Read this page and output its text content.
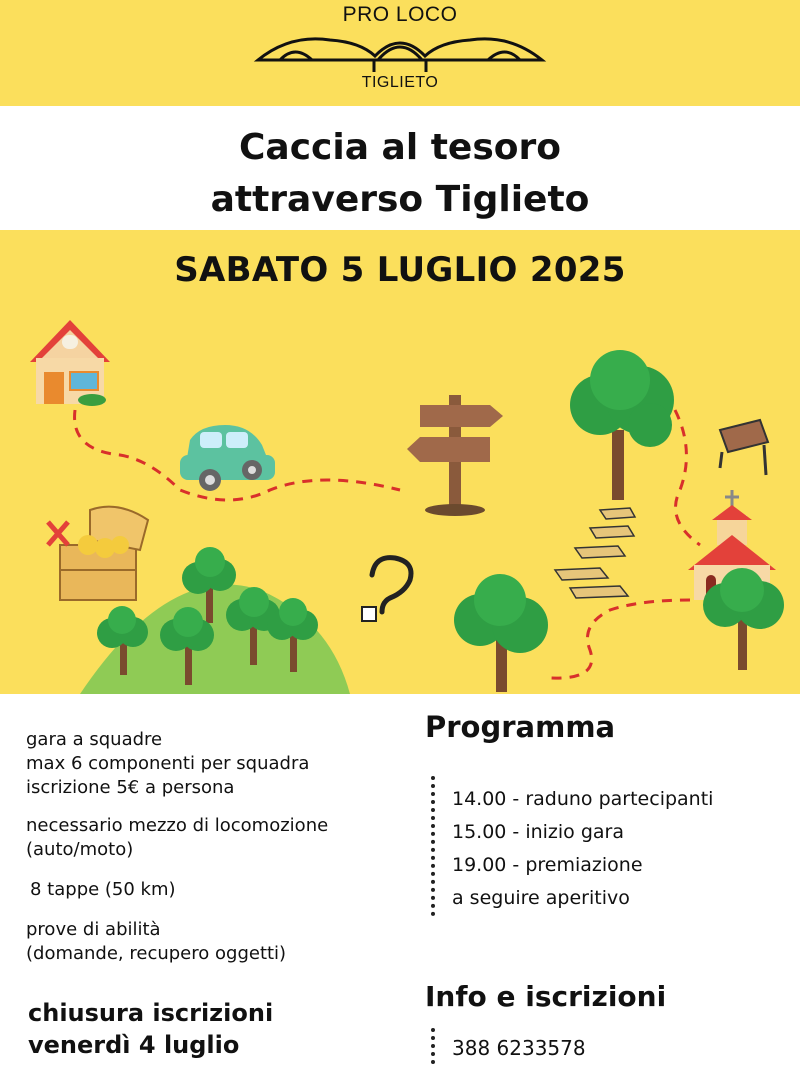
PRO LOCO
TIGLIETO
Caccia al tesoro
attraverso Tiglieto
SABATO 5 LUGLIO 2025
gara a squadre
max 6 componenti per squadra
iscrizione 5€ a persona
necessario mezzo di locomozione
(auto/moto)
8 tappe (50 km)
prove di abilità
(domande, recupero oggetti)
chiusura iscrizioni
venerdì 4 luglio
Programma
14.00 - raduno partecipanti
15.00 - inizio gara
19.00 - premiazione
a seguire aperitivo
Info e iscrizioni
388 6233578
